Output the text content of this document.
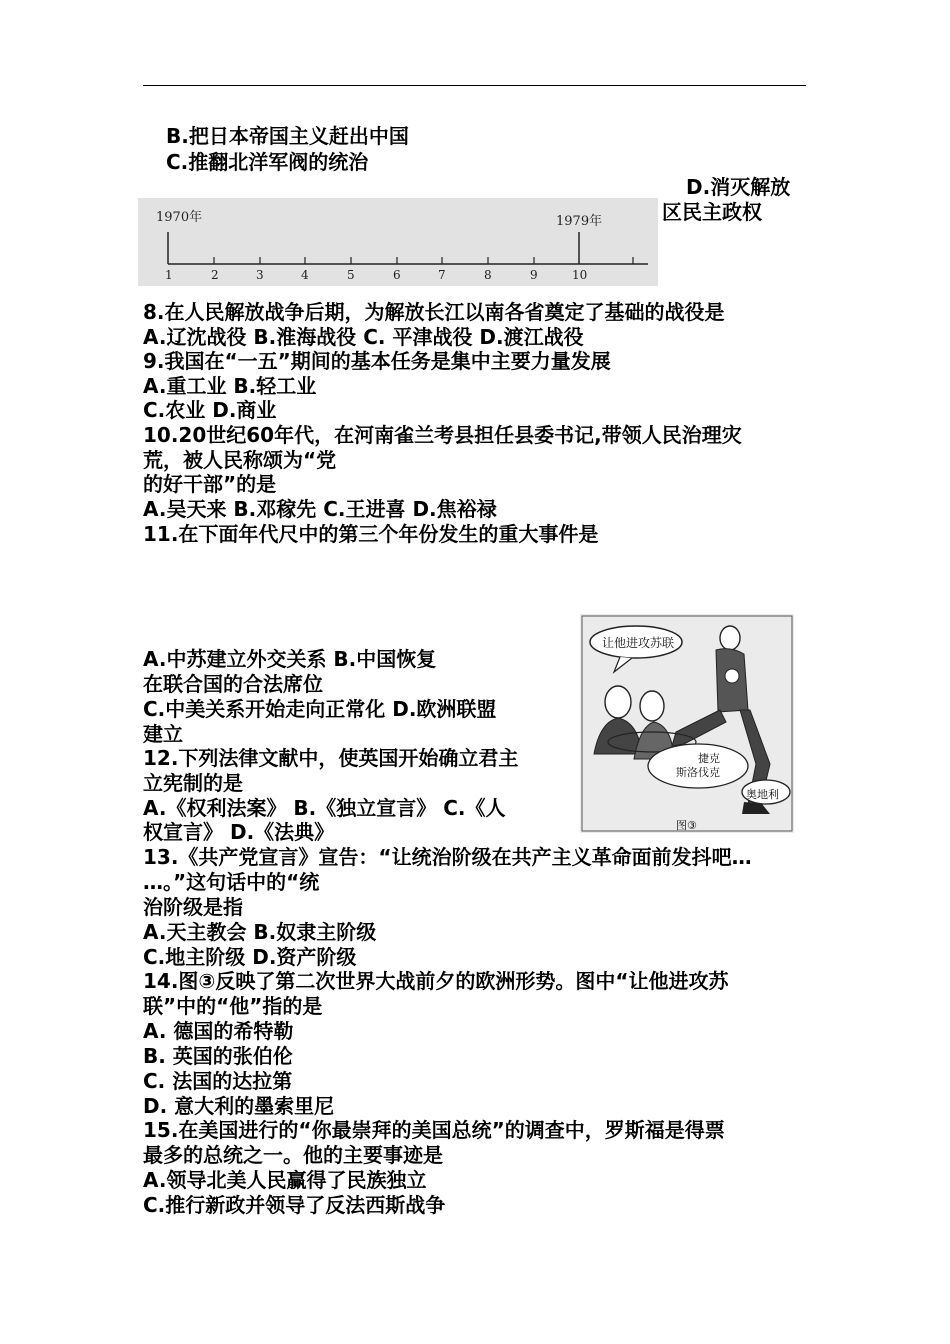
B.把日本帝国主义赶出中国
C.推翻北洋军阀的统治
D.消灭解放
区民主政权
1970年	1979年
1	2	3	4	5	6	7	8	9	10
8.在人民解放战争后期，为解放长江以南各省奠定了基础的战役是
A.辽沈战役 B.淮海战役 C. 平津战役 D.渡江战役
9.我国在“一五”期间的基本任务是集中主要力量发展
A.重工业 B.轻工业
C.农业 D.商业
10.20世纪60年代，在河南雀兰考县担任县委书记,带领人民治理灾
荒，被人民称颂为“党
的好干部”的是
A.吴天来 B.邓稼先 C.王进喜 D.焦裕禄
11.在下面年代尺中的第三个年份发生的重大事件是
A.中苏建立外交关系 B.中国恢复
在联合国的合法席位
C.中美关系开始走向正常化 D.欧洲联盟
建立
12.下列法律文献中，使英国开始确立君主
立宪制的是
A.《权利法案》 B.《独立宣言》 C.《人
权宣言》 D.《法典》
让他进攻苏联
捷克
斯洛伐克
奥地利
图③
13.《共产党宣言》宣告：“让统治阶级在共产主义革命面前发抖吧…
…。”这句话中的“统
治阶级是指
A.天主教会 B.奴隶主阶级
C.地主阶级 D.资产阶级
14.图③反映了第二次世界大战前夕的欧洲形势。图中“让他进攻苏
联”中的“他”指的是
A. 德国的希特勒
B. 英国的张伯伦
C. 法国的达拉第
D. 意大利的墨索里尼
15.在美国进行的“你最崇拜的美国总统”的调查中，罗斯福是得票
最多的总统之一。他的主要事迹是
A.领导北美人民赢得了民族独立
C.推行新政并领导了反法西斯战争
